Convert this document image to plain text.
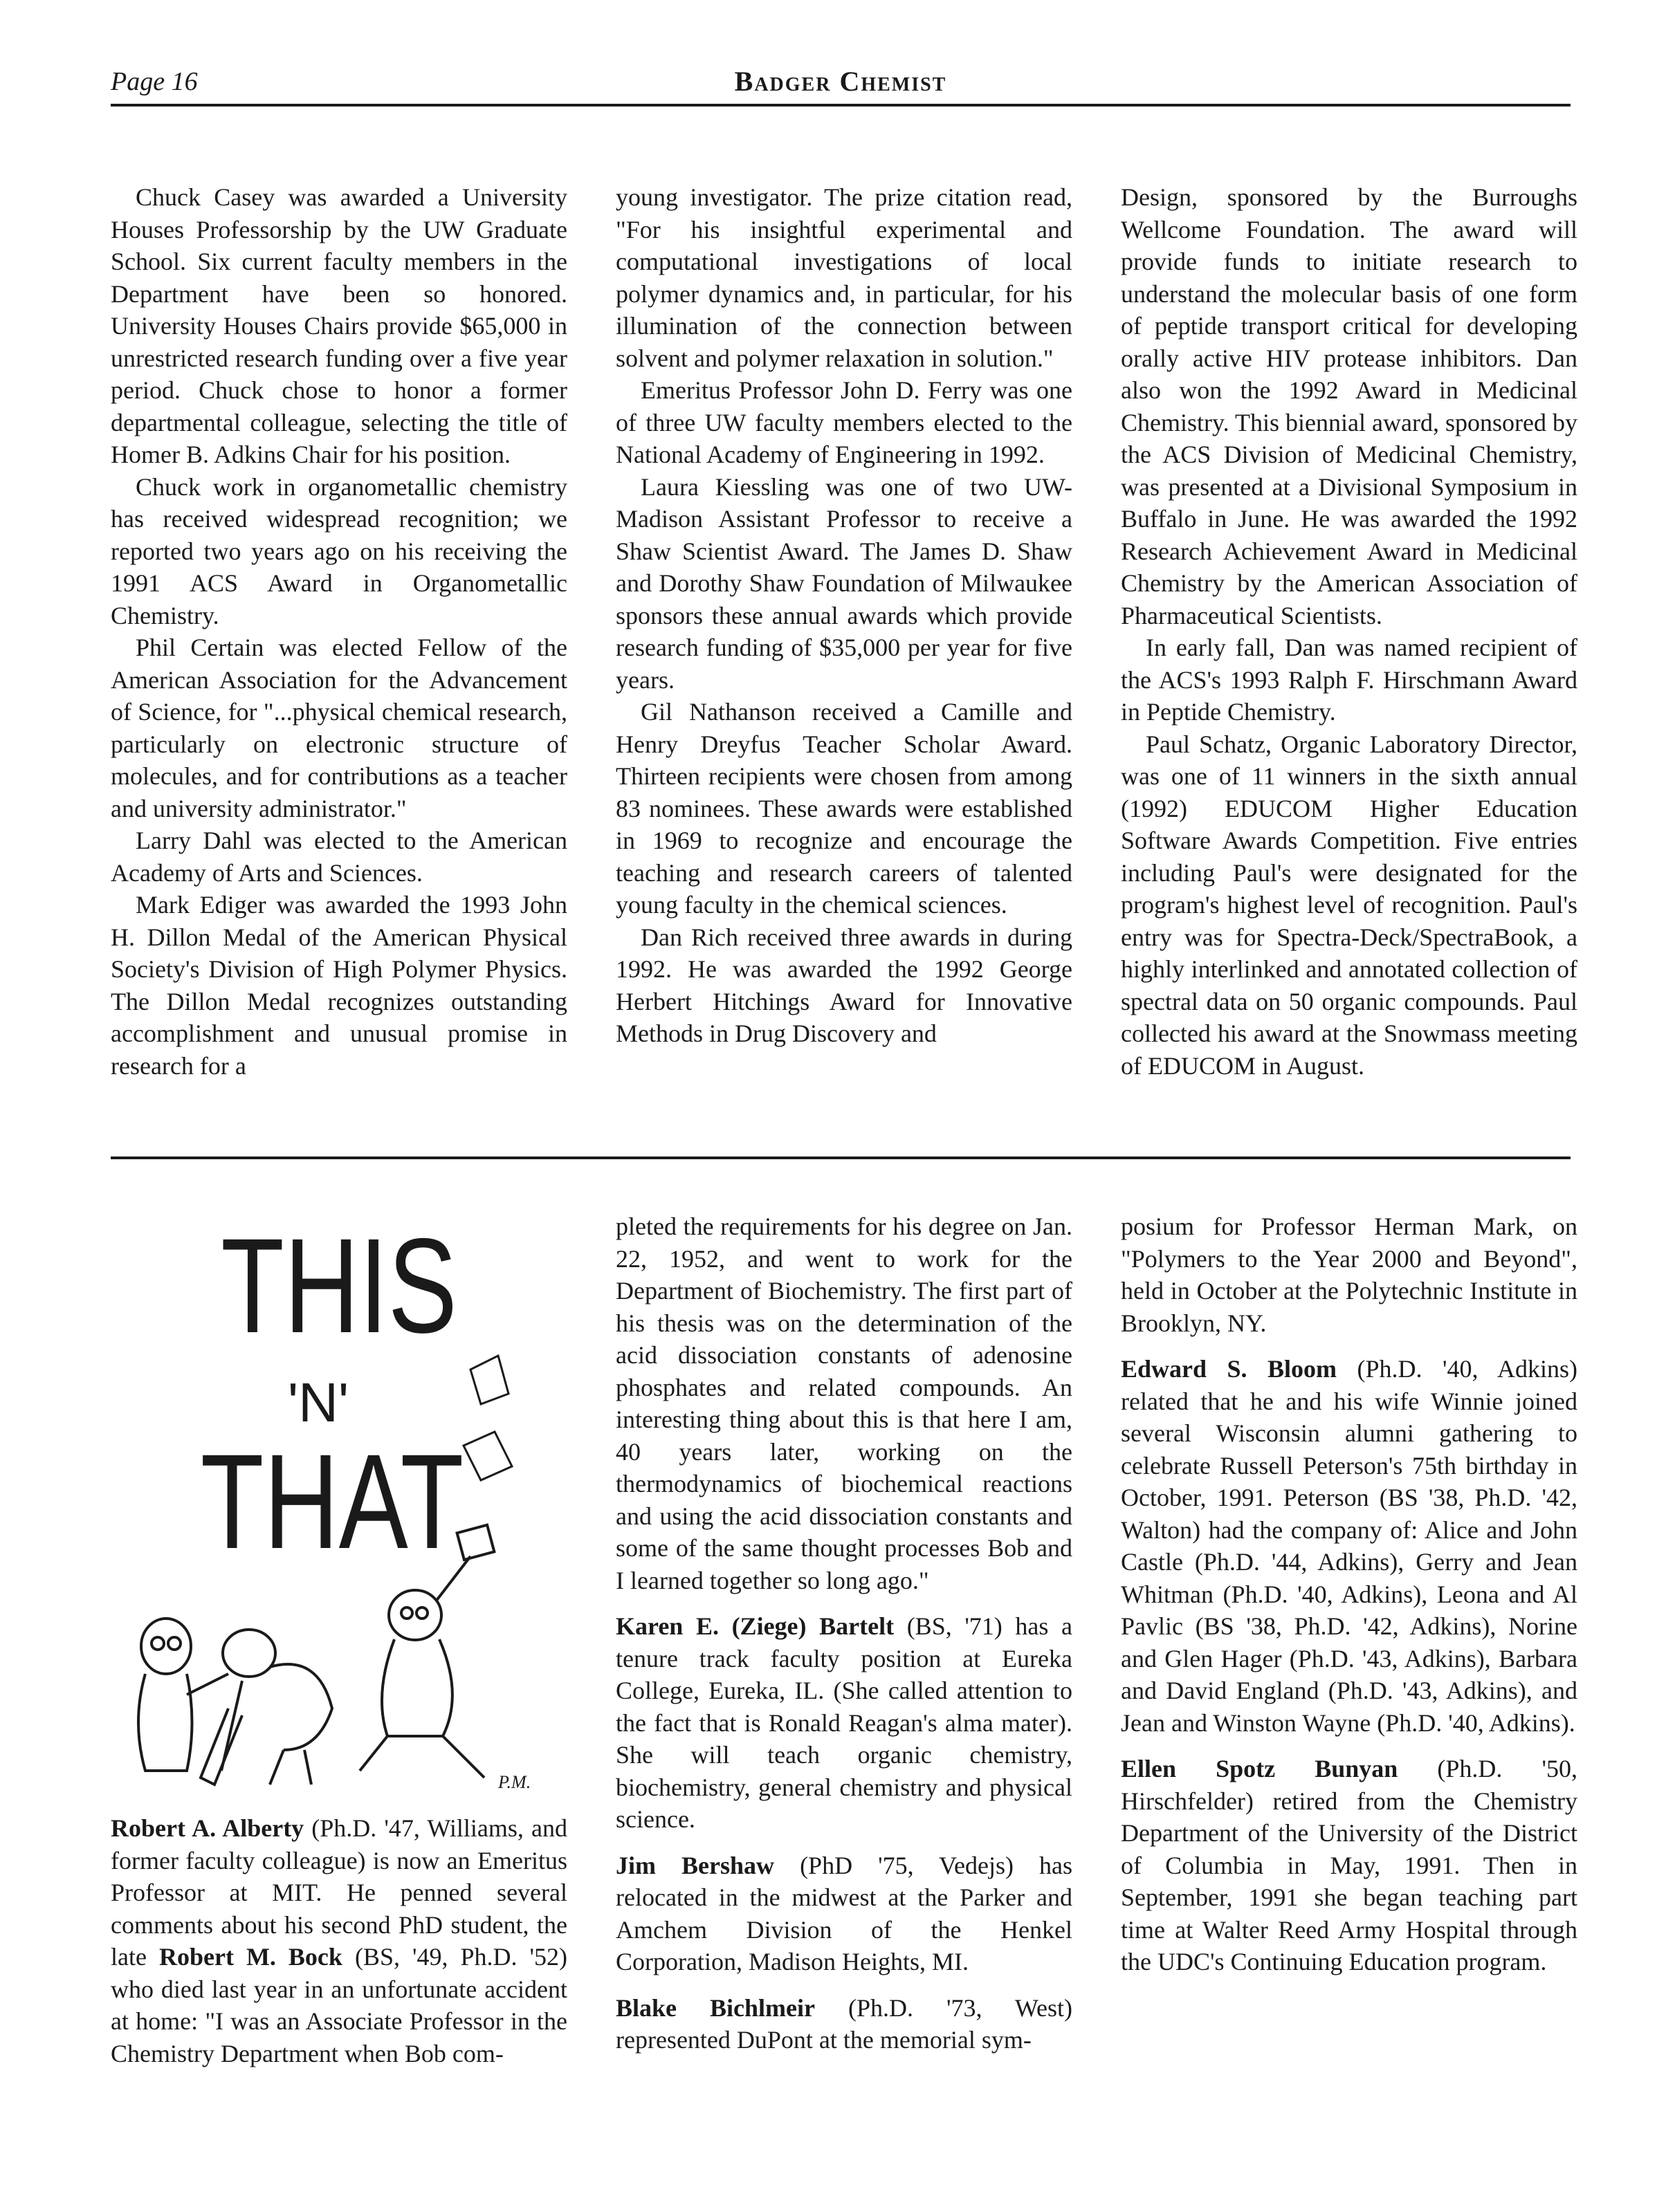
Page 16	Badger Chemist

Chuck Casey was awarded a University Houses Professorship by the UW Graduate School. Six current faculty members in the Department have been so honored. University Houses Chairs provide $65,000 in unrestricted research funding over a five year period. Chuck chose to honor a former departmental colleague, selecting the title of Homer B. Adkins Chair for his position.

Chuck work in organometallic chemistry has received widespread recognition; we reported two years ago on his receiving the 1991 ACS Award in Organometallic Chemistry.

Phil Certain was elected Fellow of the American Association for the Advancement of Science, for "...physical chemical research, particularly on electronic structure of molecules, and for contributions as a teacher and university administrator."

Larry Dahl was elected to the American Academy of Arts and Sciences.

Mark Ediger was awarded the 1993 John H. Dillon Medal of the American Physical Society's Division of High Polymer Physics. The Dillon Medal recognizes outstanding accomplishment and unusual promise in research for a

young investigator. The prize citation read, "For his insightful experimental and computational investigations of local polymer dynamics and, in particular, for his illumination of the connection between solvent and polymer relaxation in solution."

Emeritus Professor John D. Ferry was one of three UW faculty members elected to the National Academy of Engineering in 1992.

Laura Kiessling was one of two UW-Madison Assistant Professor to receive a Shaw Scientist Award. The James D. Shaw and Dorothy Shaw Foundation of Milwaukee sponsors these annual awards which provide research funding of $35,000 per year for five years.

Gil Nathanson received a Camille and Henry Dreyfus Teacher Scholar Award. Thirteen recipients were chosen from among 83 nominees. These awards were established in 1969 to recognize and encourage the teaching and research careers of talented young faculty in the chemical sciences.

Dan Rich received three awards in during 1992. He was awarded the 1992 George Herbert Hitchings Award for Innovative Methods in Drug Discovery and

Design, sponsored by the Burroughs Wellcome Foundation. The award will provide funds to initiate research to understand the molecular basis of one form of peptide transport critical for developing orally active HIV protease inhibitors. Dan also won the 1992 Award in Medicinal Chemistry. This biennial award, sponsored by the ACS Division of Medicinal Chemistry, was presented at a Divisional Symposium in Buffalo in June. He was awarded the 1992 Research Achievement Award in Medicinal Chemistry by the American Association of Pharmaceutical Scientists.

In early fall, Dan was named recipient of the ACS's 1993 Ralph F. Hirschmann Award in Peptide Chemistry.

Paul Schatz, Organic Laboratory Director, was one of 11 winners in the sixth annual (1992) EDUCOM Higher Education Software Awards Competition. Five entries including Paul's were designated for the program's highest level of recognition. Paul's entry was for Spectra-Deck/SpectraBook, a highly interlinked and annotated collection of spectral data on 50 organic compounds. Paul collected his award at the Snowmass meeting of EDUCOM in August.

THIS
'N'
THAT
P.M.

Robert A. Alberty (Ph.D. '47, Williams, and former faculty colleague) is now an Emeritus Professor at MIT. He penned several comments about his second PhD student, the late Robert M. Bock (BS, '49, Ph.D. '52) who died last year in an unfortunate accident at home: "I was an Associate Professor in the Chemistry Department when Bob com-

pleted the requirements for his degree on Jan. 22, 1952, and went to work for the Department of Biochemistry. The first part of his thesis was on the determination of the acid dissociation constants of adenosine phosphates and related compounds. An interesting thing about this is that here I am, 40 years later, working on the thermodynamics of biochemical reactions and using the acid dissociation constants and some of the same thought processes Bob and I learned together so long ago."

Karen E. (Ziege) Bartelt (BS, '71) has a tenure track faculty position at Eureka College, Eureka, IL. (She called attention to the fact that is Ronald Reagan's alma mater). She will teach organic chemistry, biochemistry, general chemistry and physical science.

Jim Bershaw (PhD '75, Vedejs) has relocated in the midwest at the Parker and Amchem Division of the Henkel Corporation, Madison Heights, MI.

Blake Bichlmeir (Ph.D. '73, West) represented DuPont at the memorial sym-

posium for Professor Herman Mark, on "Polymers to the Year 2000 and Beyond", held in October at the Polytechnic Institute in Brooklyn, NY.

Edward S. Bloom (Ph.D. '40, Adkins) related that he and his wife Winnie joined several Wisconsin alumni gathering to celebrate Russell Peterson's 75th birthday in October, 1991. Peterson (BS '38, Ph.D. '42, Walton) had the company of: Alice and John Castle (Ph.D. '44, Adkins), Gerry and Jean Whitman (Ph.D. '40, Adkins), Leona and Al Pavlic (BS '38, Ph.D. '42, Adkins), Norine and Glen Hager (Ph.D. '43, Adkins), Barbara and David England (Ph.D. '43, Adkins), and Jean and Winston Wayne (Ph.D. '40, Adkins).

Ellen Spotz Bunyan (Ph.D. '50, Hirschfelder) retired from the Chemistry Department of the University of the District of Columbia in May, 1991. Then in September, 1991 she began teaching part time at Walter Reed Army Hospital through the UDC's Continuing Education program.
